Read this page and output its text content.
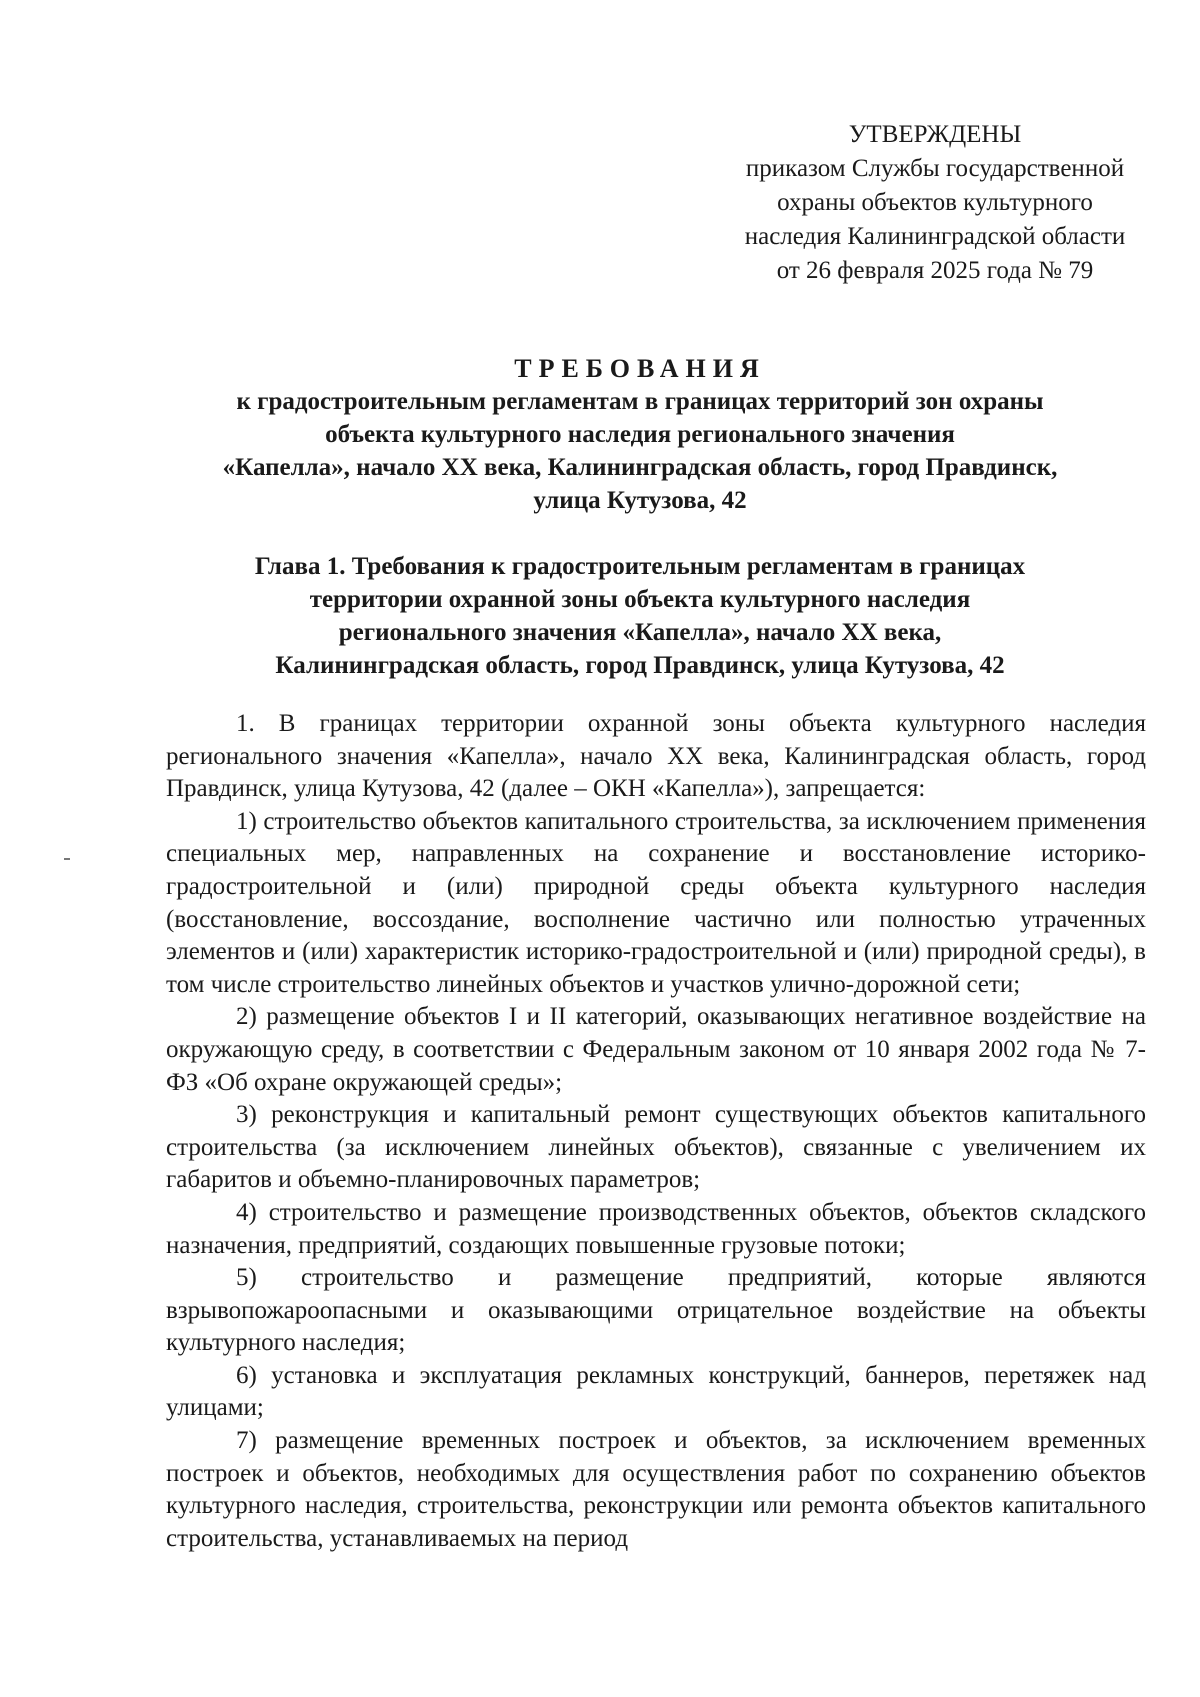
УТВЕРЖДЕНЫ
приказом Службы государственной
охраны объектов культурного
наследия Калининградской области
от 26 февраля 2025 года № 79
ТРЕБОВАНИЯ
к градостроительным регламентам в границах территорий зон охраны
объекта культурного наследия регионального значения
«Капелла», начало XX века, Калининградская область, город Правдинск,
улица Кутузова, 42
Глава 1. Требования к градостроительным регламентам в границах
территории охранной зоны объекта культурного наследия
регионального значения «Капелла», начало XX века,
Калининградская область, город Правдинск, улица Кутузова, 42

1. В границах территории охранной зоны объекта культурного наследия регионального значения «Капелла», начало XX века, Калининградская область, город Правдинск, улица Кутузова, 42 (далее – ОКН «Капелла»), запрещается:

1) строительство объектов капитального строительства, за исключением применения специальных мер, направленных на сохранение и восстановление историко-градостроительной и (или) природной среды объекта культурного наследия (восстановление, воссоздание, восполнение частично или полностью утраченных элементов и (или) характеристик историко-градостроительной и (или) природной среды), в том числе строительство линейных объектов и участков улично-дорожной сети;

2) размещение объектов I и II категорий, оказывающих негативное воздействие на окружающую среду, в соответствии с Федеральным законом от 10 января 2002 года № 7-ФЗ «Об охране окружающей среды»;

3) реконструкция и капитальный ремонт существующих объектов капитального строительства (за исключением линейных объектов), связанные с увеличением их габаритов и объемно-планировочных параметров;

4) строительство и размещение производственных объектов, объектов складского назначения, предприятий, создающих повышенные грузовые потоки;

5) строительство и размещение предприятий, которые являются взрывопожароопасными и оказывающими отрицательное воздействие на объекты культурного наследия;

6) установка и эксплуатация рекламных конструкций, баннеров, перетяжек над улицами;

7) размещение временных построек и объектов, за исключением временных построек и объектов, необходимых для осуществления работ по сохранению объектов культурного наследия, строительства, реконструкции или ремонта объектов капитального строительства, устанавливаемых на период
